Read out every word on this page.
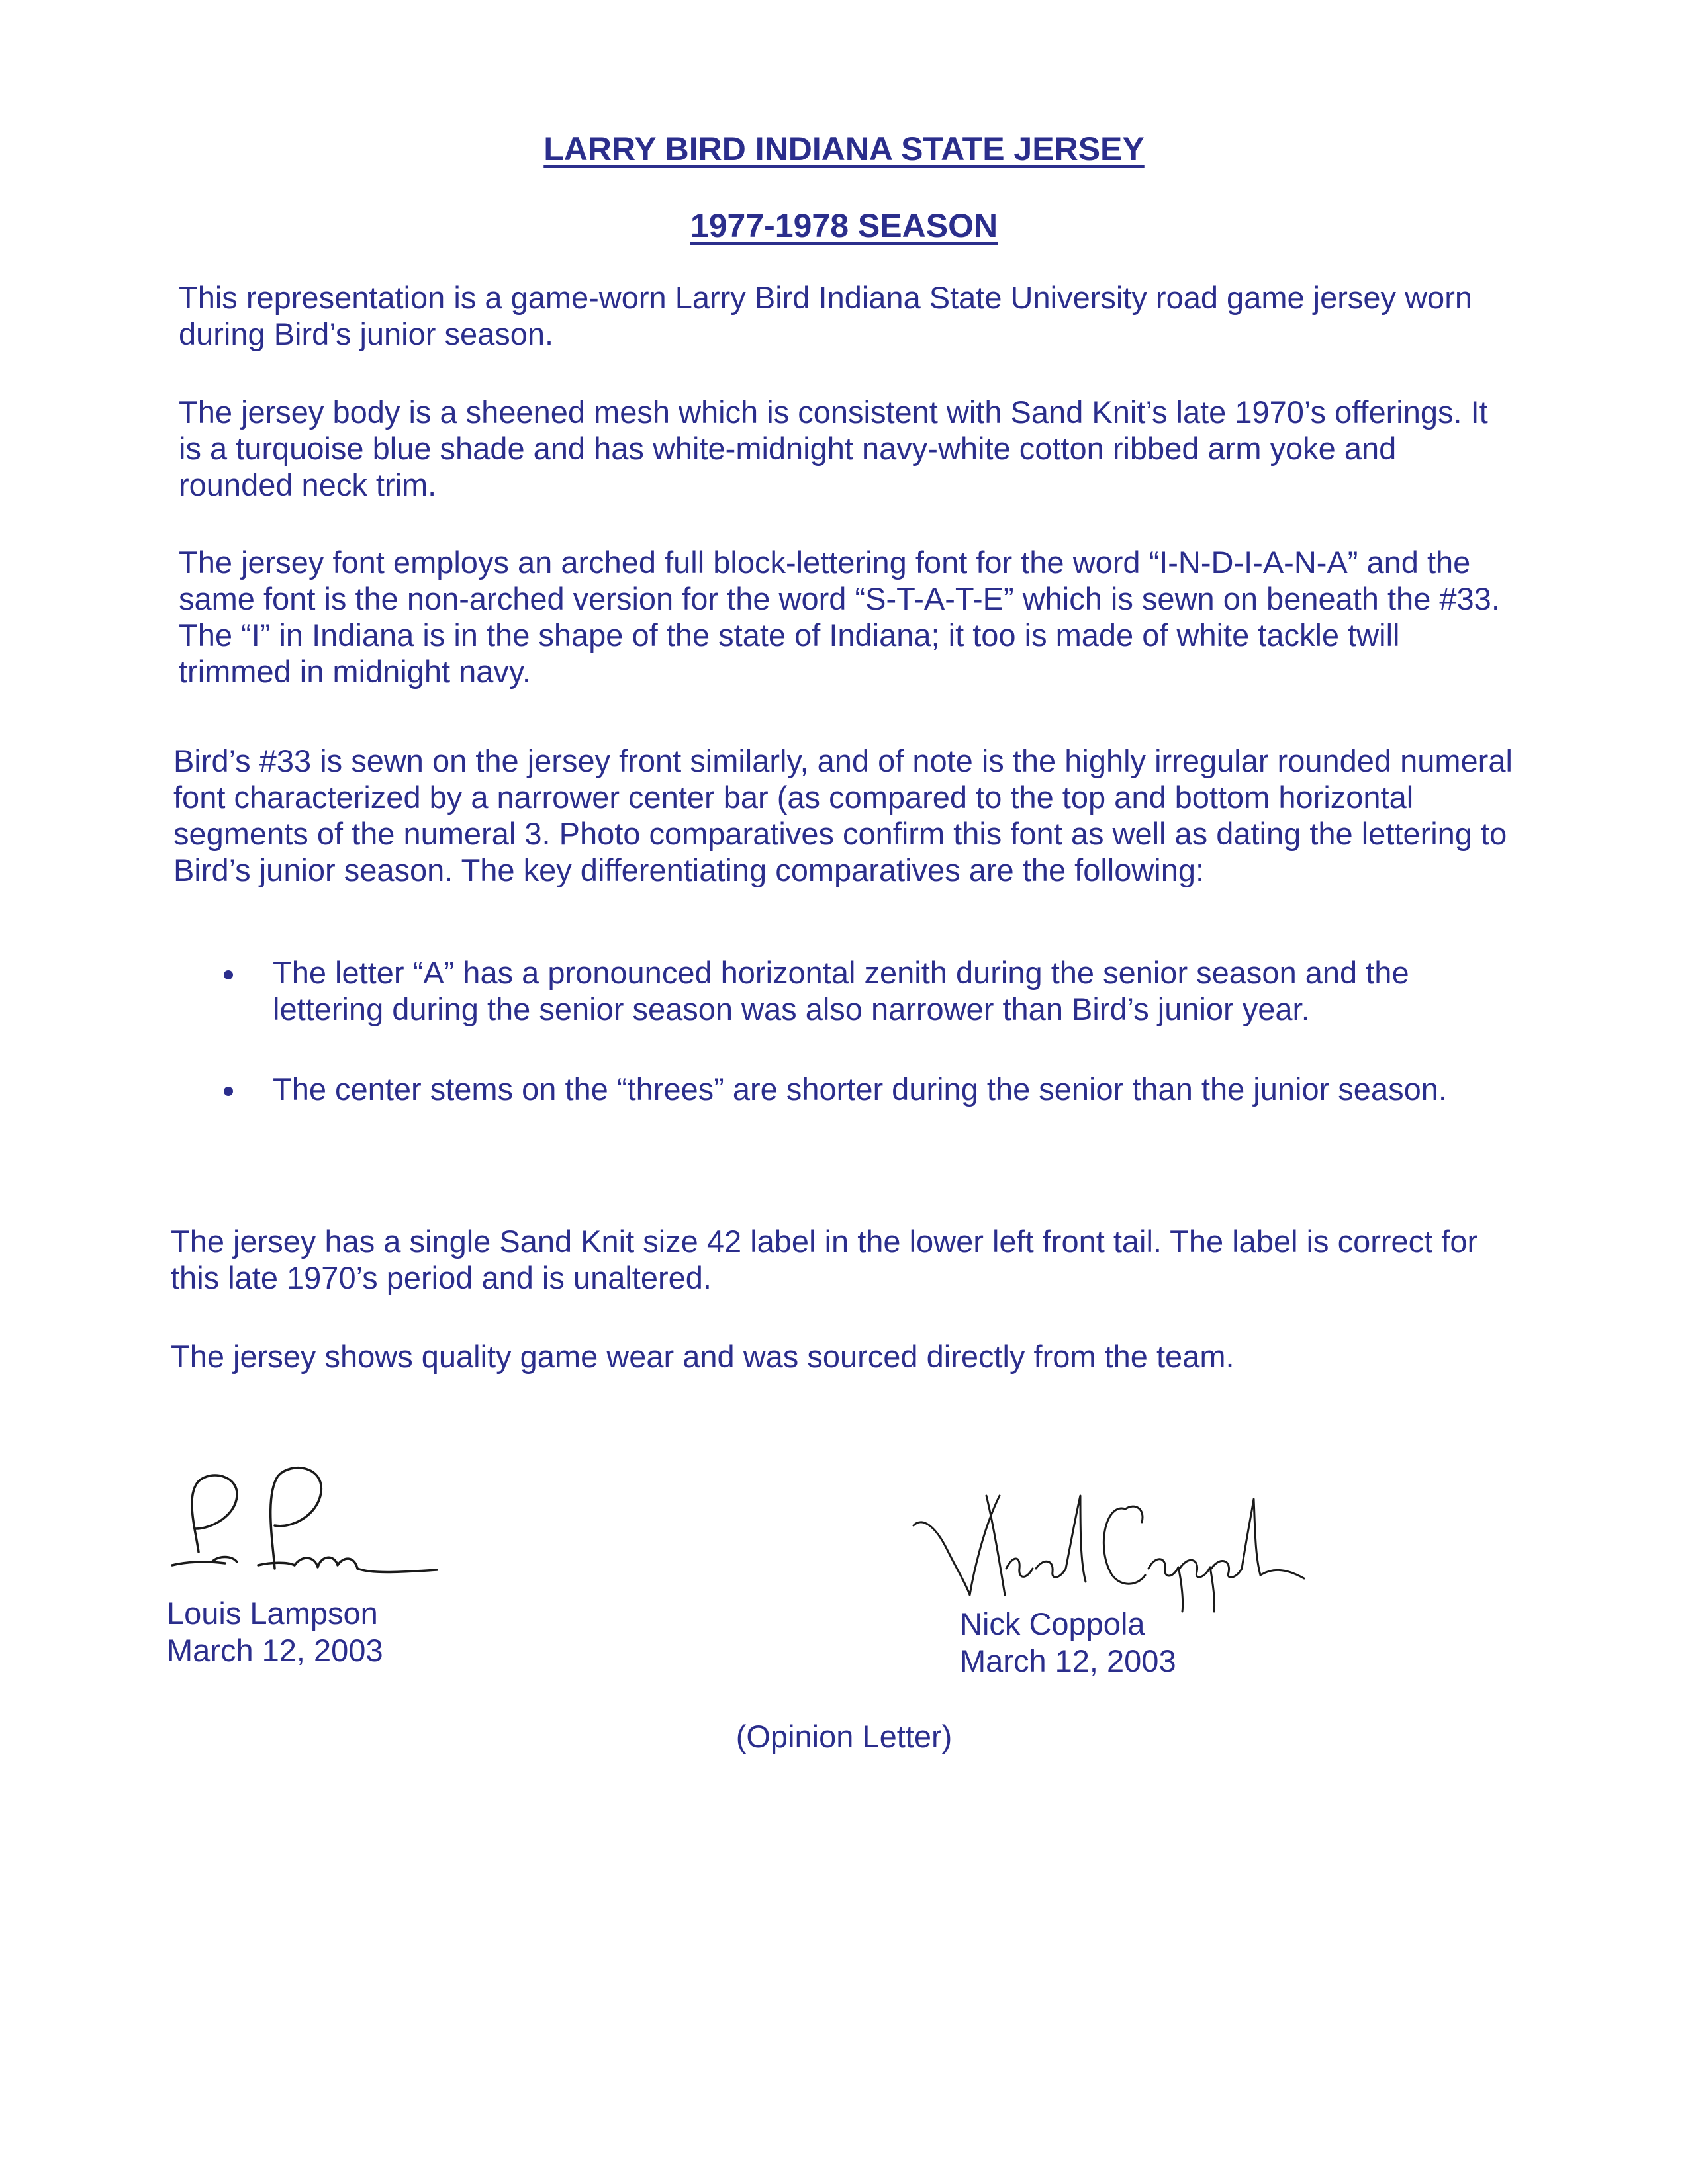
LARRY BIRD INDIANA STATE JERSEY
1977-1978 SEASON
This representation is a game-worn Larry Bird Indiana State University road game jersey worn during Bird’s junior season.
The jersey body is a sheened mesh which is consistent with Sand Knit’s late 1970’s offerings. It is a turquoise blue shade and has white-midnight navy-white cotton ribbed arm yoke and rounded neck trim.
The jersey font employs an arched full block-lettering font for the word “I-N-D-I-A-N-A” and the same font is the non-arched version for the word “S-T-A-T-E” which is sewn on beneath the #33. The “I” in Indiana is in the shape of the state of Indiana; it too is made of white tackle twill trimmed in midnight navy.
Bird’s #33 is sewn on the jersey front similarly, and of note is the highly irregular rounded numeral font characterized by a narrower center bar (as compared to the top and bottom horizontal segments of the numeral 3. Photo comparatives confirm this font as well as dating the lettering to Bird’s junior season. The key differentiating comparatives are the following:
The letter “A” has a pronounced horizontal zenith during the senior season and the lettering during the senior season was also narrower than Bird’s junior year.
The center stems on the “threes” are shorter during the senior than the junior season.
The jersey has a single Sand Knit size 42 label in the lower left front tail. The label is correct for this late 1970’s period and is unaltered.
The jersey shows quality game wear and was sourced directly from the team.
Louis Lampson
March 12, 2003
Nick Coppola
March 12, 2003
(Opinion Letter)
